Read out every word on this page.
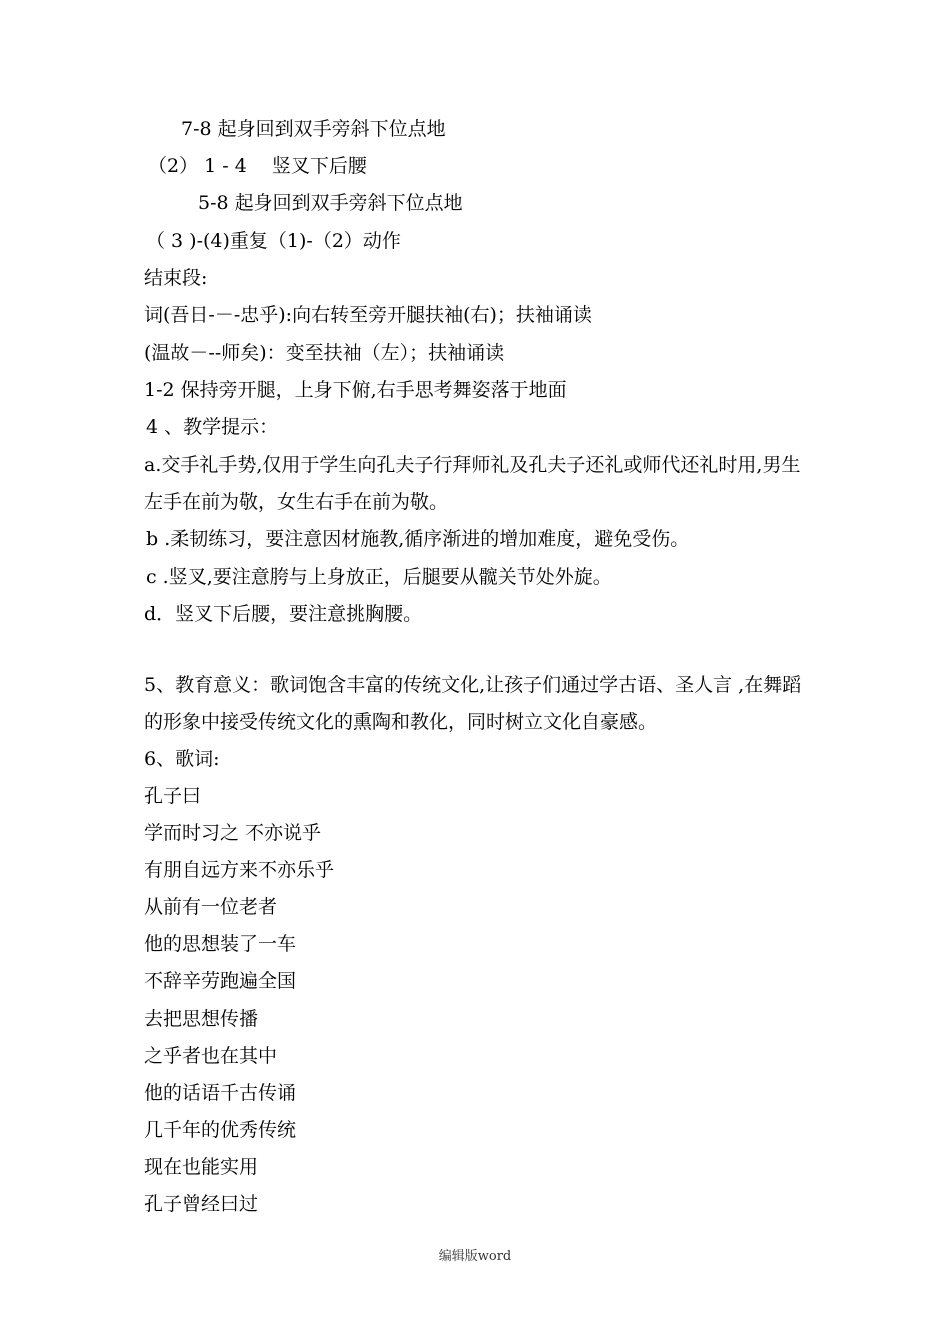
7-8 起身回到双手旁斜下位点地
（2） 1 - 4 　竖叉下后腰
5-8 起身回到双手旁斜下位点地
（ 3 )-(4)重复（1)-（2）动作
结束段:
词(吾日-－-忠乎):向右转至旁开腿扶袖(右)；扶袖诵读
(温故－--师矣)：变至扶袖（左）；扶袖诵读
1-2 保持旁开腿，上身下俯,右手思考舞姿落于地面
4 、教学提示：
a.交手礼手势,仅用于学生向孔夫子行拜师礼及孔夫子还礼或师代还礼时用,男生
左手在前为敬，女生右手在前为敬。
b .柔韧练习，要注意因材施教,循序渐进的增加难度，避免受伤。
c .竖叉,要注意胯与上身放正，后腿要从髋关节处外旋。
d．竖叉下后腰，要注意挑胸腰。
5、教育意义：歌词饱含丰富的传统文化,让孩子们通过学古语、圣人言 ,在舞蹈
的形象中接受传统文化的熏陶和教化，同时树立文化自豪感。
6、歌词:
孔子曰
学而时习之 不亦说乎
有朋自远方来不亦乐乎
从前有一位老者
他的思想装了一车
不辞辛劳跑遍全国
去把思想传播
之乎者也在其中
他的话语千古传诵
几千年的优秀传统
现在也能实用
孔子曾经曰过
编辑版word
